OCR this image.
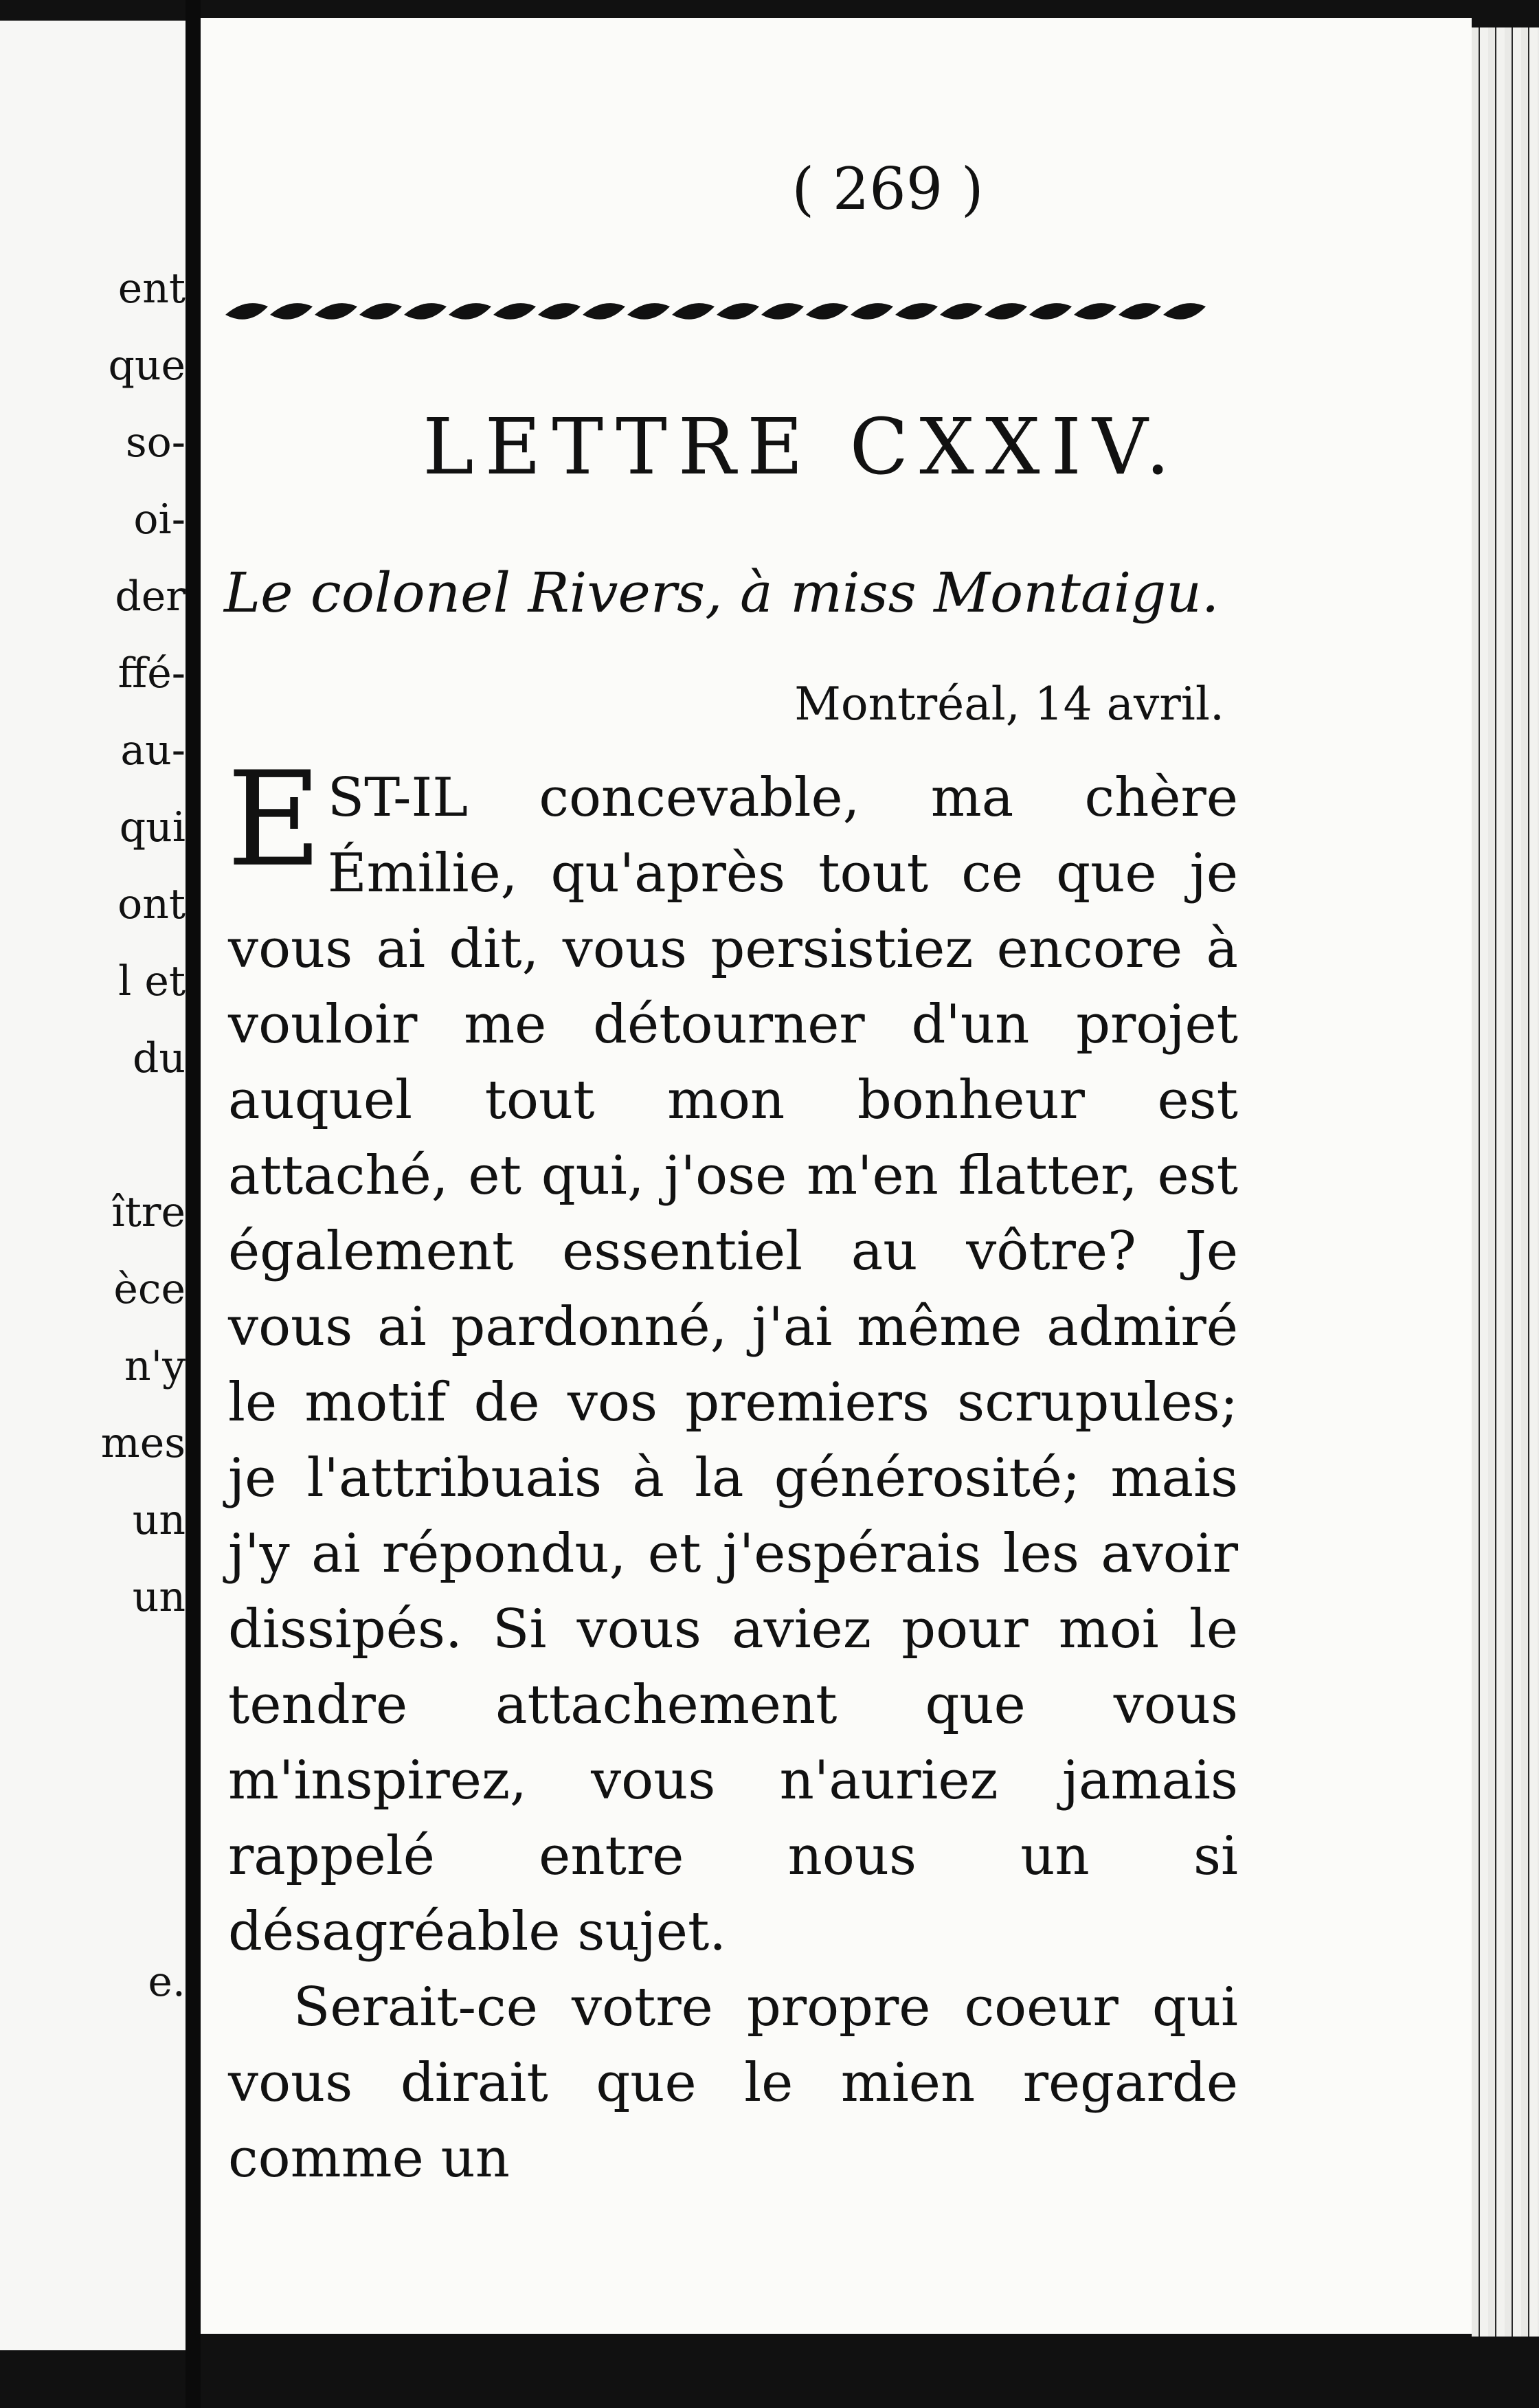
ent
que
so-
oi-
der
ffé-
au-
qui
ont
l et
du
ître
èce
n'y
mes
un
un
e.
( 269 )
LETTRE CXXIV.
Le colonel Rivers, à miss Montaigu.
Montréal, 14 avril.

EST-IL concevable, ma chère Émilie, qu'après tout ce que je vous ai dit, vous persistiez encore à vouloir me détourner d'un projet auquel tout mon bonheur est attaché, et qui, j'ose m'en flatter, est également essentiel au vôtre? Je vous ai pardonné, j'ai même admiré le motif de vos premiers scrupules; je l'attribuais à la générosité; mais j'y ai répondu, et j'espérais les avoir dissipés. Si vous aviez pour moi le tendre attachement que vous m'inspirez, vous n'auriez jamais rappelé entre nous un si désagréable sujet.

Serait-ce votre propre coeur qui vous dirait que le mien regarde comme un
